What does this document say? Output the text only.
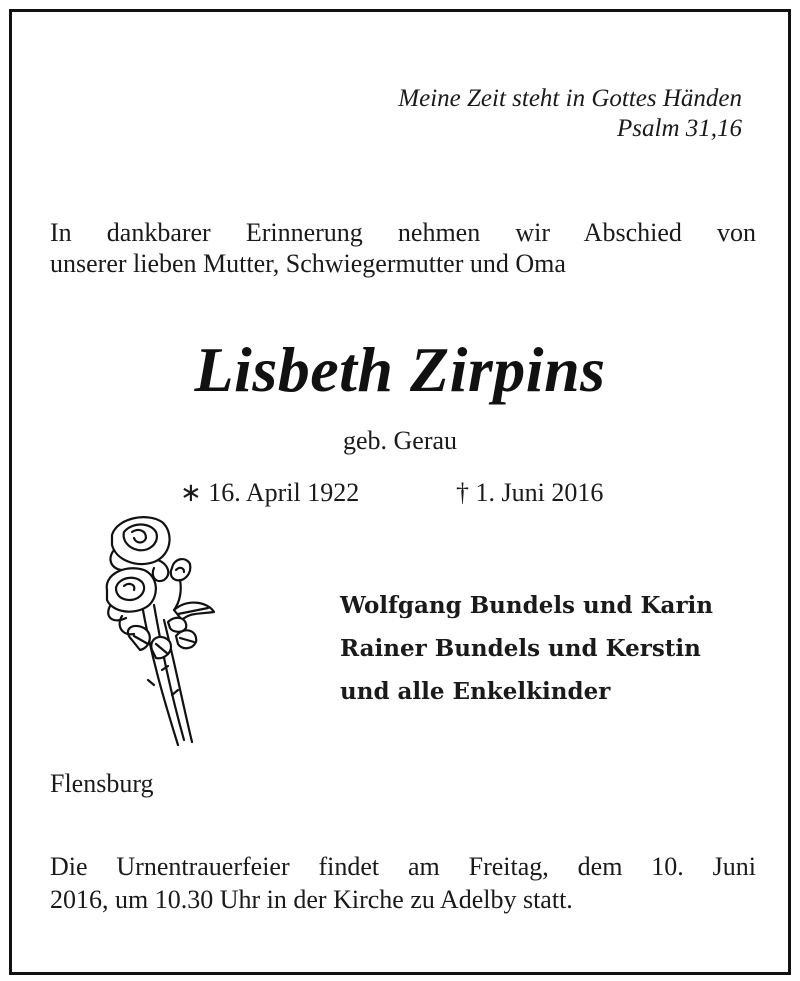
Meine Zeit steht in Gottes Händen
Psalm 31,16
In dankbarer Erinnerung nehmen wir Abschied von
unserer lieben Mutter, Schwiegermutter und Oma
Lisbeth Zirpins
geb. Gerau
∗ 16. April 1922	† 1. Juni 2016
Wolfgang Bundels und Karin
Rainer Bundels und Kerstin
und alle Enkelkinder
Flensburg
Die Urnentrauerfeier findet am Freitag, dem 10. Juni
2016, um 10.30 Uhr in der Kirche zu Adelby statt.
